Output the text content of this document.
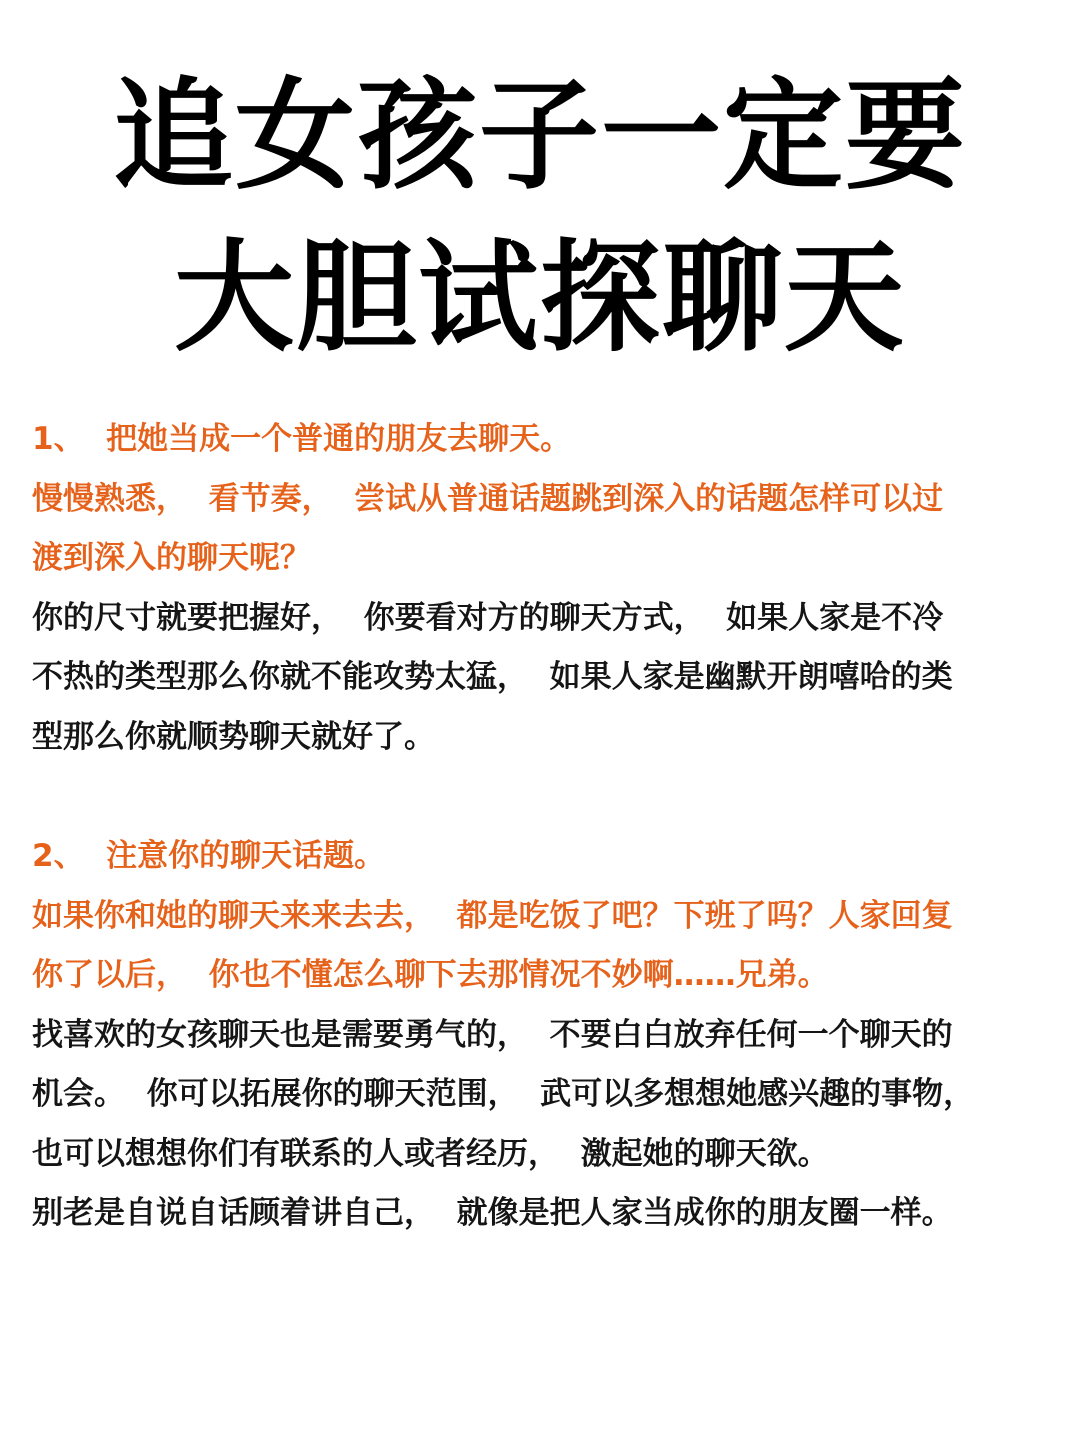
追女孩子一定要
大胆试探聊天

1、  把她当成一个普通的朋友去聊天。

慢慢熟悉，  看节奏，  尝试从普通话题跳到深入的话题怎样可以过

渡到深入的聊天呢？

你的尺寸就要把握好，  你要看对方的聊天方式，  如果人家是不冷

不热的类型那么你就不能攻势太猛，  如果人家是幽默开朗嘻哈的类

型那么你就顺势聊天就好了。

2、  注意你的聊天话题。

如果你和她的聊天来来去去，  都是吃饭了吧？下班了吗？人家回复

你了以后，  你也不懂怎么聊下去那情况不妙啊……兄弟。

找喜欢的女孩聊天也是需要勇气的，  不要白白放弃任何一个聊天的

机会。  你可以拓展你的聊天范围，  武可以多想想她感兴趣的事物，

也可以想想你们有联系的人或者经历，  激起她的聊天欲。

别老是自说自话顾着讲自己，  就像是把人家当成你的朋友圈一样。
